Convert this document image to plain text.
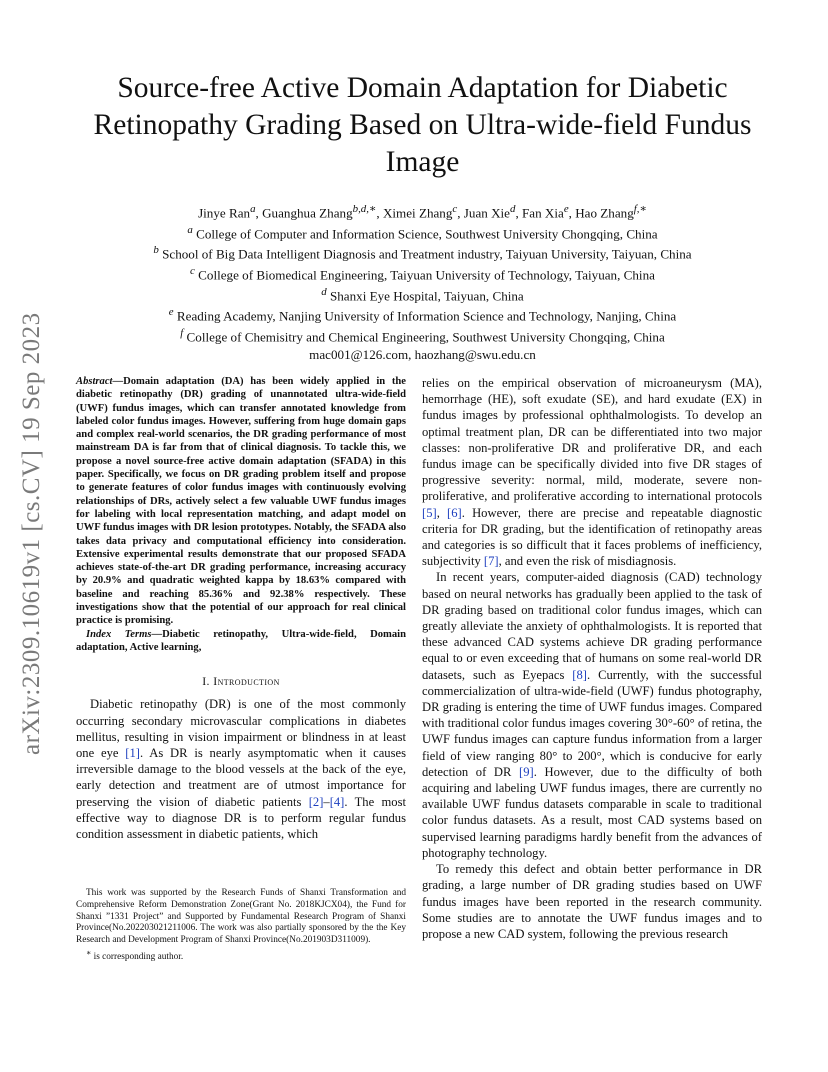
arXiv:2309.10619v1 [cs.CV] 19 Sep 2023
Source-free Active Domain Adaptation for Diabetic Retinopathy Grading Based on Ultra-wide-field Fundus Image
Jinye Ran$^a$, Guanghua Zhang$^{b,d,∗}$, Ximei Zhang$^c$, Juan Xie$^d$, Fan Xia$^e$, Hao Zhang$^{f,∗}$
$^a$ College of Computer and Information Science, Southwest University Chongqing, China
$^b$ School of Big Data Intelligent Diagnosis and Treatment industry, Taiyuan University, Taiyuan, China
$^c$ College of Biomedical Engineering, Taiyuan University of Technology, Taiyuan, China
$^d$ Shanxi Eye Hospital, Taiyuan, China
$^e$ Reading Academy, Nanjing University of Information Science and Technology, Nanjing, China
$^f$ College of Chemisitry and Chemical Engineering, Southwest University Chongqing, China
mac001@126.com, haozhang@swu.edu.cn

Abstract—Domain adaptation (DA) has been widely applied in the diabetic retinopathy (DR) grading of unannotated ultra-wide-field (UWF) fundus images, which can transfer annotated knowledge from labeled color fundus images. However, suffering from huge domain gaps and complex real-world scenarios, the DR grading performance of most mainstream DA is far from that of clinical diagnosis. To tackle this, we propose a novel source-free active domain adaptation (SFADA) in this paper. Specifically, we focus on DR grading problem itself and propose to generate features of color fundus images with continuously evolving relationships of DRs, actively select a few valuable UWF fundus images for labeling with local representation matching, and adapt model on UWF fundus images with DR lesion prototypes. Notably, the SFADA also takes data privacy and computational efficiency into consideration. Extensive experimental results demonstrate that our proposed SFADA achieves state-of-the-art DR grading performance, increasing accuracy by 20.9% and quadratic weighted kappa by 18.63% compared with baseline and reaching 85.36% and 92.38% respectively. These investigations show that the potential of our approach for real clinical practice is promising.

Index Terms—Diabetic retinopathy, Ultra-wide-field, Domain adaptation, Active learning,

I. Introduction

Diabetic retinopathy (DR) is one of the most commonly occurring secondary microvascular complications in diabetes mellitus, resulting in vision impairment or blindness in at least one eye [1]. As DR is nearly asymptomatic when it causes irreversible damage to the blood vessels at the back of the eye, early detection and treatment are of utmost importance for preserving the vision of diabetic patients [2]–[4]. The most effective way to diagnose DR is to perform regular fundus condition assessment in diabetic patients, which

This work was supported by the Research Funds of Shanxi Transformation and Comprehensive Reform Demonstration Zone(Grant No. 2018KJCX04), the Fund for Shanxi ”1331 Project” and Supported by Fundamental Research Program of Shanxi Province(No.202203021211006. The work was also partially sponsored by the the Key Research and Development Program of Shanxi Province(No.201903D311009).

∗ is corresponding author.

relies on the empirical observation of microaneurysm (MA), hemorrhage (HE), soft exudate (SE), and hard exudate (EX) in fundus images by professional ophthalmologists. To develop an optimal treatment plan, DR can be differentiated into two major classes: non-proliferative DR and proliferative DR, and each fundus image can be specifically divided into five DR stages of progressive severity: normal, mild, moderate, severe non-proliferative, and proliferative according to international protocols [5], [6]. However, there are precise and repeatable diagnostic criteria for DR grading, but the identification of retinopathy areas and categories is so difficult that it faces problems of inefficiency, subjectivity [7], and even the risk of misdiagnosis.

In recent years, computer-aided diagnosis (CAD) technology based on neural networks has gradually been applied to the task of DR grading based on traditional color fundus images, which can greatly alleviate the anxiety of ophthalmologists. It is reported that these advanced CAD systems achieve DR grading performance equal to or even exceeding that of humans on some real-world DR datasets, such as Eyepacs [8]. Currently, with the successful commercialization of ultra-wide-field (UWF) fundus photography, DR grading is entering the time of UWF fundus images. Compared with traditional color fundus images covering 30°-60° of retina, the UWF fundus images can capture fundus information from a larger field of view ranging 80° to 200°, which is conducive for early detection of DR [9]. However, due to the difficulty of both acquiring and labeling UWF fundus images, there are currently no available UWF fundus datasets comparable in scale to traditional color fundus datasets. As a result, most CAD systems based on supervised learning paradigms hardly benefit from the advances of photography technology.

To remedy this defect and obtain better performance in DR grading, a large number of DR grading studies based on UWF fundus images have been reported in the research community. Some studies are to annotate the UWF fundus images and to propose a new CAD system, following the previous research
